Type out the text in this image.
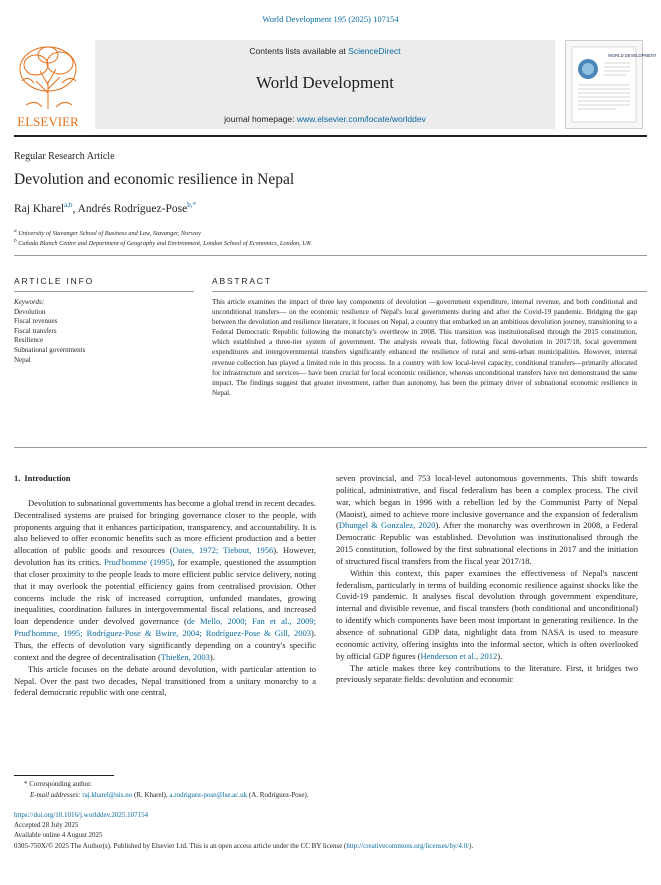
World Development 195 (2025) 107154
ELSEVIER
Contents lists available at ScienceDirect
World Development
journal homepage: www.elsevier.com/locate/worlddev
WORLD DEVELOPMENT
Regular Research Article
Devolution and economic resilience in Nepal
Raj Kharel$^{a,b}$, Andrés Rodríguez-Pose$^{b,*}$
$^a$ University of Stavanger School of Business and Law, Stavanger, Norway
$^b$ Cañada Blanch Centre and Department of Geography and Environment, London School of Economics, London, UK
ARTICLE INFO
Keywords:
Devolution
Fiscal revenues
Fiscal transfers
Resilience
Subnational governments
Nepal
ABSTRACT
This article examines the impact of three key components of devolution —government expenditure, internal revenue, and both conditional and unconditional transfers— on the economic resilience of Nepal's local governments during and after the Covid-19 pandemic. Bridging the gap between the devolution and resilience literature, it focuses on Nepal, a country that embarked on an ambitious devolution journey, transitioning to a Federal Democratic Republic following the monarchy's overthrow in 2008. This transition was institutionalised through the 2015 constitution, which established a three-tier system of government. The analysis reveals that, following fiscal devolution in 2017/18, local government expenditures and intergovernmental transfers significantly enhanced the resilience of rural and semi-urban municipalities. However, internal revenue collection has played a limited role in this process. In a country with low local-level capacity, conditional transfers—primarily allocated for infrastructure and services— have been crucial for local economic resilience, whereas unconditional transfers have not demonstrated the same impact. The findings suggest that greater investment, rather than autonomy, has been the primary driver of subnational economic resilience in Nepal.
1. Introduction

Devolution to subnational governments has become a global trend in recent decades. Decentralised systems are praised for bringing governance closer to the people, with proponents arguing that it enhances participation, transparency, and accountability. It is also believed to offer economic benefits such as more efficient production and a better allocation of public goods and resources (Oates, 1972; Tiebout, 1956). However, devolution has its critics. Prud'homme (1995), for example, questioned the assumption that closer proximity to the people leads to more efficient public service delivery, noting that it may overlook the potential efficiency gains from centralised provision. Other concerns include the risk of increased corruption, unfunded mandates, growing inequalities, coordination failures in intergovernmental fiscal relations, and increased loan dependence under devolved governance (de Mello, 2000; Fan et al., 2009; Prud'homme, 1995; Rodríguez-Pose & Bwire, 2004; Rodríguez-Pose & Gill, 2003). Thus, the effects of devolution vary significantly depending on a country's specific context and the degree of decentralisation (Thießen, 2003).

This article focuses on the debate around devolution, with particular attention to Nepal. Over the past two decades, Nepal transitioned from a unitary monarchy to a federal democratic republic with one central,

seven provincial, and 753 local-level autonomous governments. This shift towards political, administrative, and fiscal federalism has been a complex process. The civil war, which began in 1996 with a rebellion led by the Communist Party of Nepal (Maoist), aimed to achieve more inclusive governance and the expansion of federalism (Dhungel & Gonzalez, 2020). After the monarchy was overthrown in 2008, a Federal Democratic Republic was established. Devolution was institutionalised through the 2015 constitution, followed by the first subnational elections in 2017 and the initiation of structured fiscal transfers from the fiscal year 2017/18.

Within this context, this paper examines the effectiveness of Nepal's nascent federalism, particularly in terms of building economic resilience against shocks like the Covid-19 pandemic. It analyses fiscal devolution through government expenditure, internal and divisible revenue, and fiscal transfers (both conditional and unconditional) to identify which components have been most important in generating resilience. In the absence of subnational GDP data, nightlight data from NASA is used to measure economic activity, offering insights into the informal sector, which is often overlooked by official GDP figures (Henderson et al., 2012).

The article makes three key contributions to the literature. First, it bridges two previously separate fields: devolution and economic

* Corresponding author.
E-mail addresses: raj.kharel@uis.no (R. Kharel), a.rodriguez-pose@lse.ac.uk (A. Rodríguez-Pose).
https://doi.org/10.1016/j.worlddev.2025.107154
Accepted 28 July 2025
Available online 4 August 2025
0305-750X/© 2025 The Author(s). Published by Elsevier Ltd. This is an open access article under the CC BY license (http://creativecommons.org/licenses/by/4.0/).
